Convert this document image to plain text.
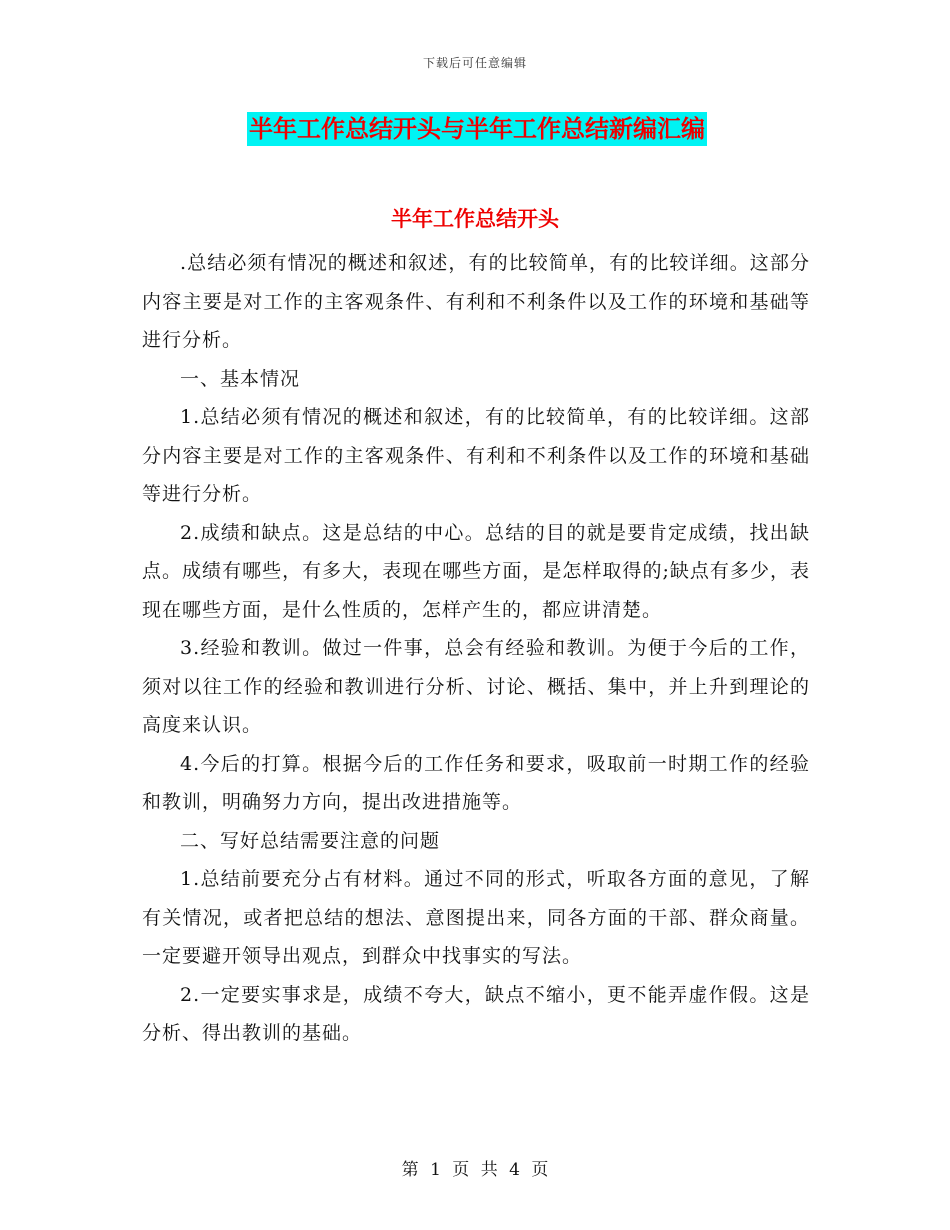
下载后可任意编辑
半年工作总结开头与半年工作总结新编汇编
半年工作总结开头

.总结必须有情况的概述和叙述，有的比较简单，有的比较详细。这部分内容主要是对工作的主客观条件、有利和不利条件以及工作的环境和基础等进行分析。

一、基本情况

1.总结必须有情况的概述和叙述，有的比较简单，有的比较详细。这部分内容主要是对工作的主客观条件、有利和不利条件以及工作的环境和基础等进行分析。

2.成绩和缺点。这是总结的中心。总结的目的就是要肯定成绩，找出缺点。成绩有哪些，有多大，表现在哪些方面，是怎样取得的;缺点有多少，表现在哪些方面，是什么性质的，怎样产生的，都应讲清楚。

3.经验和教训。做过一件事，总会有经验和教训。为便于今后的工作，须对以往工作的经验和教训进行分析、讨论、概括、集中，并上升到理论的高度来认识。

4.今后的打算。根据今后的工作任务和要求，吸取前一时期工作的经验和教训，明确努力方向，提出改进措施等。

二、写好总结需要注意的问题

1.总结前要充分占有材料。通过不同的形式，听取各方面的意见，了解有关情况，或者把总结的想法、意图提出来，同各方面的干部、群众商量。一定要避开领导出观点，到群众中找事实的写法。

2.一定要实事求是，成绩不夸大，缺点不缩小，更不能弄虚作假。这是分析、得出教训的基础。

第 1 页 共 4 页
